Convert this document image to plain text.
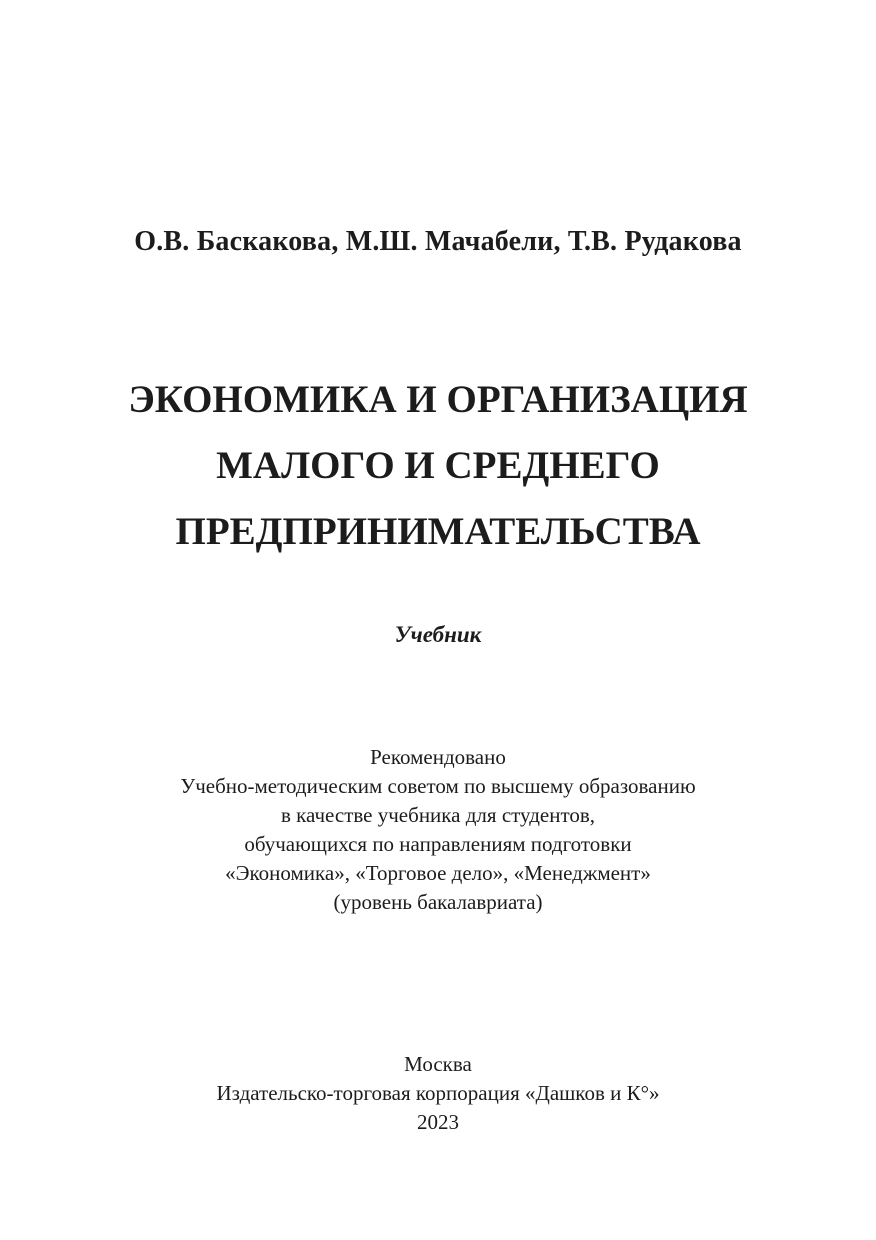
О.В. Баскакова, М.Ш. Мачабели, Т.В. Рудакова
ЭКОНОМИКА И ОРГАНИЗАЦИЯ
МАЛОГО И СРЕДНЕГО
ПРЕДПРИНИМАТЕЛЬСТВА
Учебник
Рекомендовано
Учебно-методическим советом по высшему образованию
в качестве учебника для студентов,
обучающихся по направлениям подготовки
«Экономика», «Торговое дело», «Менеджмент»
(уровень бакалавриата)
Москва
Издательско-торговая корпорация «Дашков и К°»
2023
